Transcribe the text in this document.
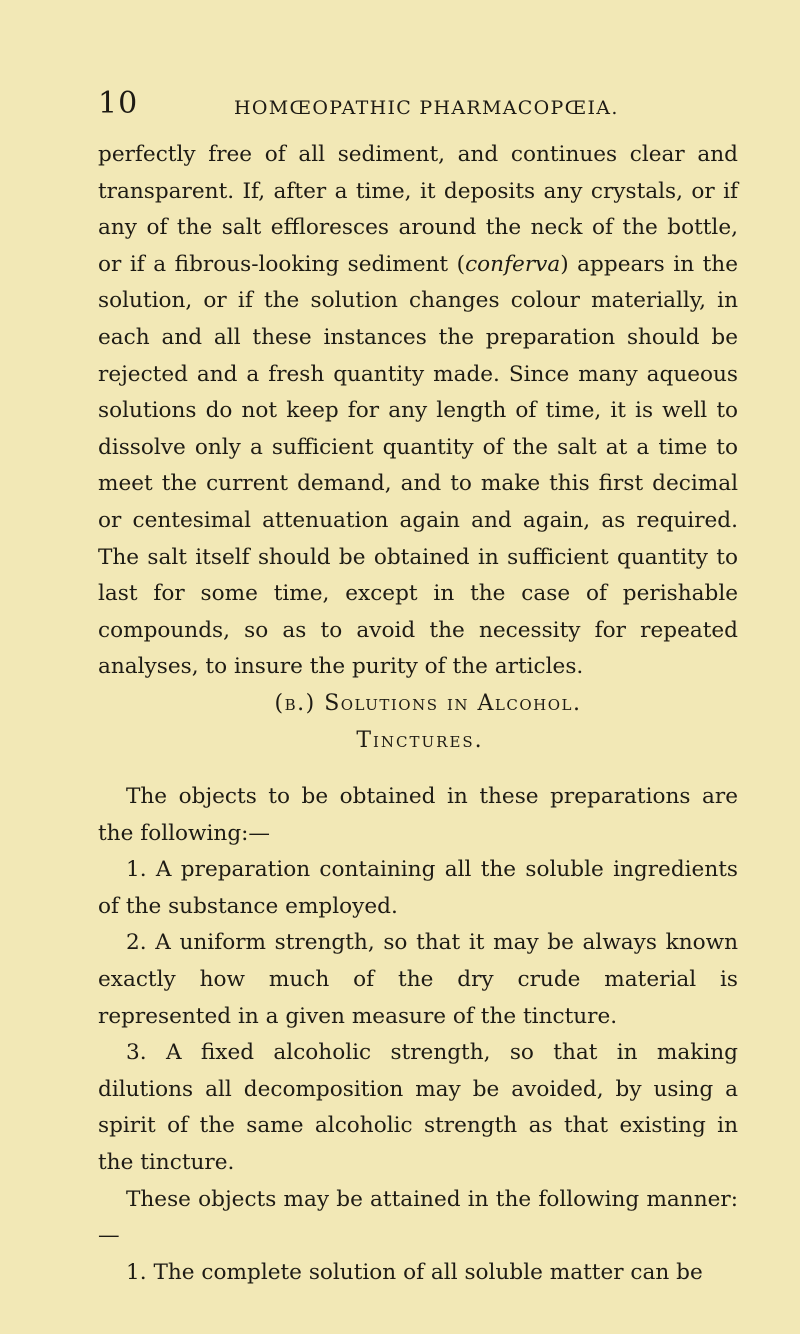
10	HOMŒOPATHIC PHARMACOPŒIA.

perfectly free of all sediment, and continues clear and transparent. If, after a time, it deposits any crystals, or if any of the salt effloresces around the neck of the bottle, or if a fibrous-looking sediment (conferva) appears in the solution, or if the solution changes colour materially, in each and all these instances the preparation should be rejected and a fresh quantity made. Since many aqueous solutions do not keep for any length of time, it is well to dissolve only a sufficient quantity of the salt at a time to meet the current demand, and to make this first decimal or centesimal attenuation again and again, as required. The salt itself should be obtained in sufficient quantity to last for some time, except in the case of perishable compounds, so as to avoid the necessity for repeated analyses, to insure the purity of the articles.

(b.) Solutions in Alcohol.

Tinctures.

The objects to be obtained in these preparations are the following:—

1. A preparation containing all the soluble ingredients of the substance employed.

2. A uniform strength, so that it may be always known exactly how much of the dry crude material is represented in a given measure of the tincture.

3. A fixed alcoholic strength, so that in making dilutions all decomposition may be avoided, by using a spirit of the same alcoholic strength as that existing in the tincture.

These objects may be attained in the following manner:—

1. The complete solution of all soluble matter can be
